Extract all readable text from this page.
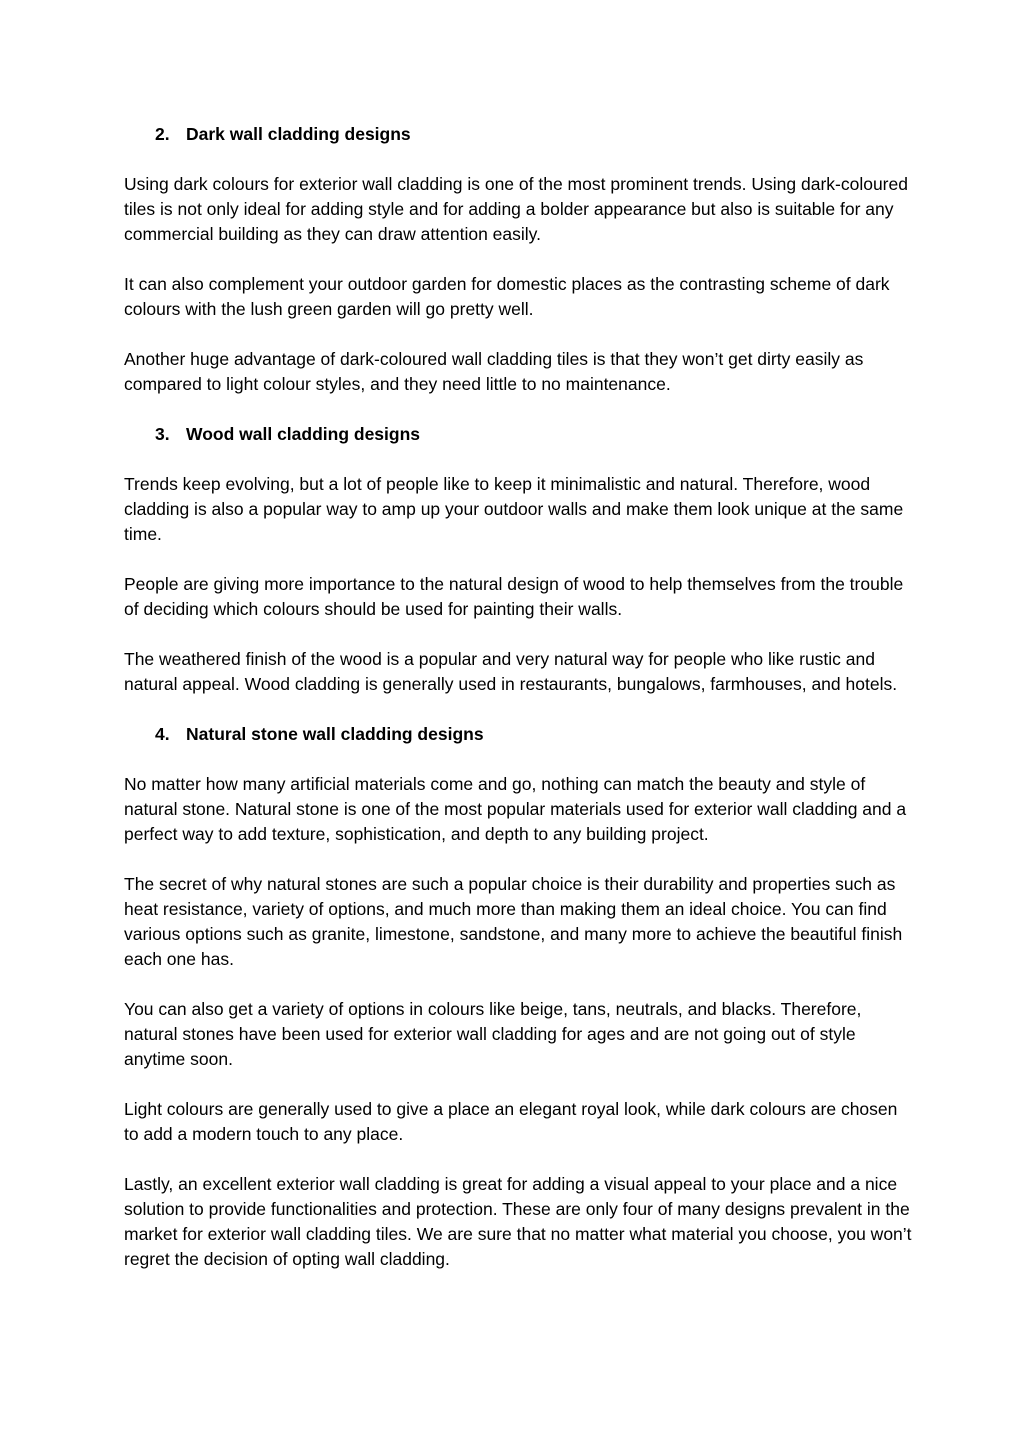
2. Dark wall cladding designs

Using dark colours for exterior wall cladding is one of the most prominent trends. Using dark-coloured tiles is not only ideal for adding style and for adding a bolder appearance but also is suitable for any commercial building as they can draw attention easily.

It can also complement your outdoor garden for domestic places as the contrasting scheme of dark colours with the lush green garden will go pretty well.

Another huge advantage of dark-coloured wall cladding tiles is that they won’t get dirty easily as compared to light colour styles, and they need little to no maintenance.

3. Wood wall cladding designs

Trends keep evolving, but a lot of people like to keep it minimalistic and natural. Therefore, wood cladding is also a popular way to amp up your outdoor walls and make them look unique at the same time.

People are giving more importance to the natural design of wood to help themselves from the trouble of deciding which colours should be used for painting their walls.

The weathered finish of the wood is a popular and very natural way for people who like rustic and natural appeal. Wood cladding is generally used in restaurants, bungalows, farmhouses, and hotels.

4. Natural stone wall cladding designs

No matter how many artificial materials come and go, nothing can match the beauty and style of natural stone. Natural stone is one of the most popular materials used for exterior wall cladding and a perfect way to add texture, sophistication, and depth to any building project.

The secret of why natural stones are such a popular choice is their durability and properties such as heat resistance, variety of options, and much more than making them an ideal choice. You can find various options such as granite, limestone, sandstone, and many more to achieve the beautiful finish each one has.

You can also get a variety of options in colours like beige, tans, neutrals, and blacks. Therefore, natural stones have been used for exterior wall cladding for ages and are not going out of style anytime soon.

Light colours are generally used to give a place an elegant royal look, while dark colours are chosen to add a modern touch to any place.

Lastly, an excellent exterior wall cladding is great for adding a visual appeal to your place and a nice solution to provide functionalities and protection. These are only four of many designs prevalent in the market for exterior wall cladding tiles. We are sure that no matter what material you choose, you won’t regret the decision of opting wall cladding.
